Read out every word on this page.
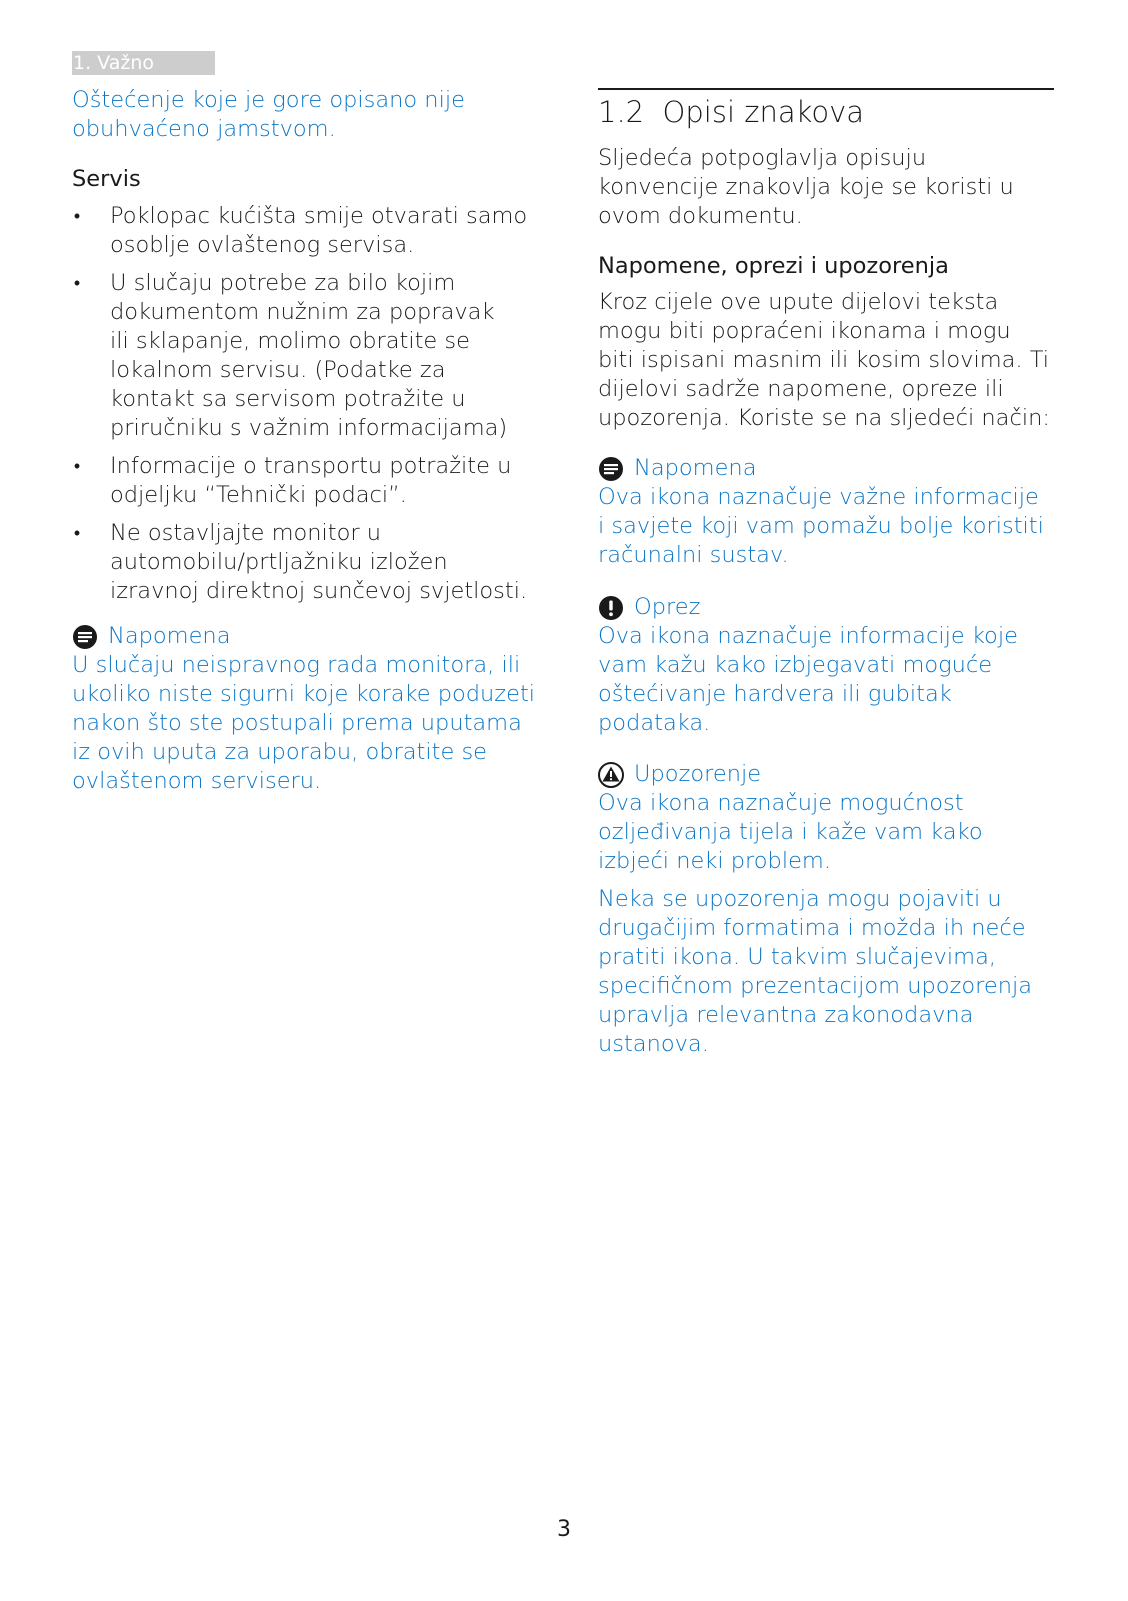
1. Važno

Oštećenje koje je gore opisano nije obuhvaćeno jamstvom.

Servis

• Poklopac kućišta smije otvarati samo osoblje ovlaštenog servisa.
• U slučaju potrebe za bilo kojim dokumentom nužnim za popravak ili sklapanje, molimo obratite se lokalnom servisu. (Podatke za kontakt sa servisom potražite u priručniku s važnim informacijama)
• Informacije o transportu potražite u odjeljku “Tehnički podaci”.
• Ne ostavljajte monitor u automobilu/prtljažniku izložen izravnoj direktnoj sunčevoj svjetlosti.
Napomena

U slučaju neispravnog rada monitora, ili ukoliko niste sigurni koje korake poduzeti nakon što ste postupali prema uputama iz ovih uputa za uporabu, obratite se ovlaštenom serviseru.

1.2  Opisi znakova

Sljedeća potpoglavlja opisuju konvencije znakovlja koje se koristi u ovom dokumentu.

Napomene, oprezi i upozorenja

Kroz cijele ove upute dijelovi teksta mogu biti popraćeni ikonama i mogu biti ispisani masnim ili kosim slovima. Ti dijelovi sadrže napomene, opreze ili upozorenja. Koriste se na sljedeći način:

Napomena

Ova ikona naznačuje važne informacije i savjete koji vam pomažu bolje koristiti računalni sustav.

Oprez

Ova ikona naznačuje informacije koje vam kažu kako izbjegavati moguće oštećivanje hardvera ili gubitak podataka.

Upozorenje

Ova ikona naznačuje mogućnost ozljeđivanja tijela i kaže vam kako izbjeći neki problem.

Neka se upozorenja mogu pojaviti u drugačijim formatima i možda ih neće pratiti ikona. U takvim slučajevima, specifičnom prezentacijom upozorenja upravlja relevantna zakonodavna ustanova.

3
